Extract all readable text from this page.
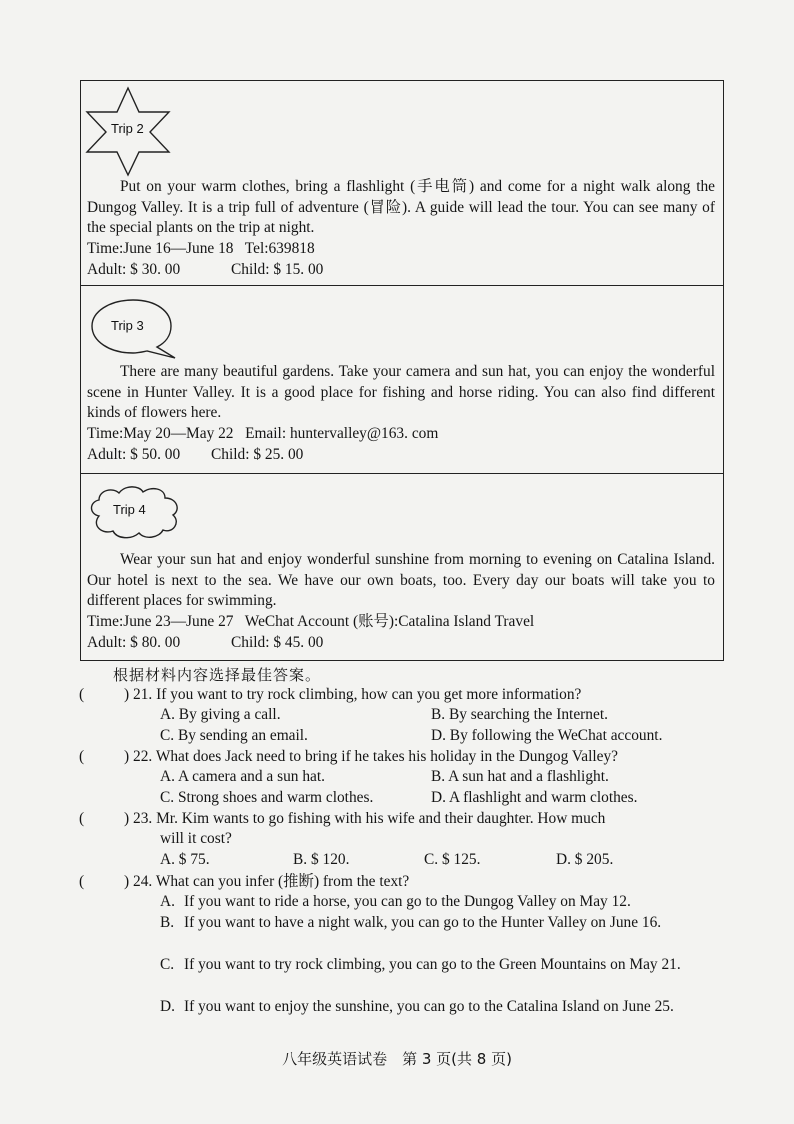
Trip 2

Put on your warm clothes, bring a flashlight (手电筒) and come for a night walk along the Dungog Valley. It is a trip full of adventure (冒险). A guide will lead the tour. You can see many of the special plants on the trip at night.

Time:June 16—June 18 Tel:639818
Adult: $ 30. 00	Child: $ 15. 00
Trip 3

There are many beautiful gardens. Take your camera and sun hat, you can enjoy the wonderful scene in Hunter Valley. It is a good place for fishing and horse riding. You can also find different kinds of flowers here.

Time:May 20—May 22 Email: huntervalley@163. com
Adult: $ 50. 00 Child: $ 25. 00
Trip 4

Wear your sun hat and enjoy wonderful sunshine from morning to evening on Catalina Island. Our hotel is next to the sea. We have our own boats, too. Every day our boats will take you to different places for swimming.

Time:June 23—June 27 WeChat Account (账号):Catalina Island Travel
Adult: $ 80. 00	Child: $ 45. 00
根据材料内容选择最佳答案。
(	) 21. If you want to try rock climbing, how can you get more information?
A. By giving a call.	B. By searching the Internet.
C. By sending an email.	D. By following the WeChat account.
(	) 22. What does Jack need to bring if he takes his holiday in the Dungog Valley?
A. A camera and a sun hat.	B. A sun hat and a flashlight.
C. Strong shoes and warm clothes.	D. A flashlight and warm clothes.
(	) 23. Mr. Kim wants to go fishing with his wife and their daughter. How much
will it cost?
A. $ 75.	B. $ 120.	C. $ 125.	D. $ 205.
(	) 24. What can you infer (推断) from the text?
A. If you want to ride a horse, you can go to the Dungog Valley on May 12.
B. If you want to have a night walk, you can go to the Hunter Valley on June 16.
C. If you want to try rock climbing, you can go to the Green Mountains on May 21.
D. If you want to enjoy the sunshine, you can go to the Catalina Island on June 25.
八年级英语试卷　第 3 页(共 8 页)
